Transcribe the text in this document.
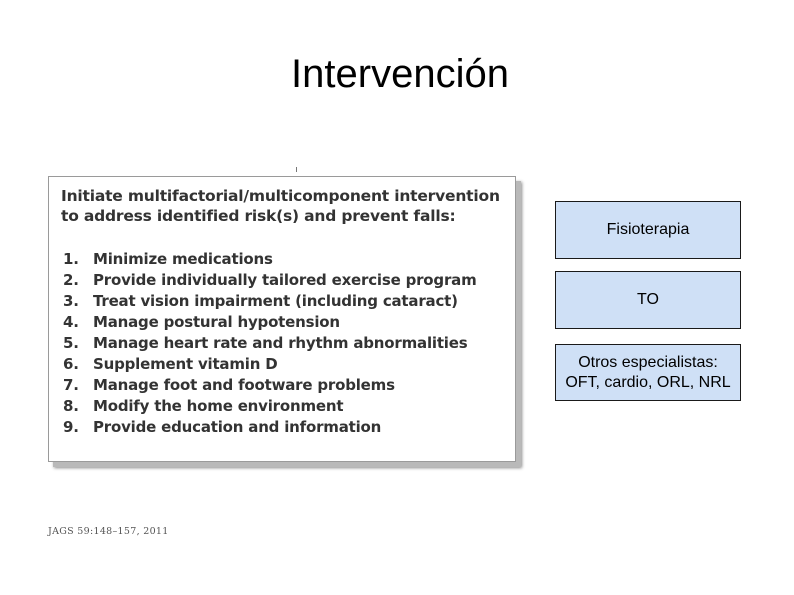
Intervención
Initiate multifactorial/multicomponent intervention to address identified risk(s) and prevent falls:
1. Minimize medications
2. Provide individually tailored exercise program
3. Treat vision impairment (including cataract)
4. Manage postural hypotension
5. Manage heart rate and rhythm abnormalities
6. Supplement vitamin D
7. Manage foot and footware problems
8. Modify the home environment
9. Provide education and information
JAGS 59:148–157, 2011
Fisioterapia
TO
Otros especialistas:
OFT, cardio, ORL, NRL
